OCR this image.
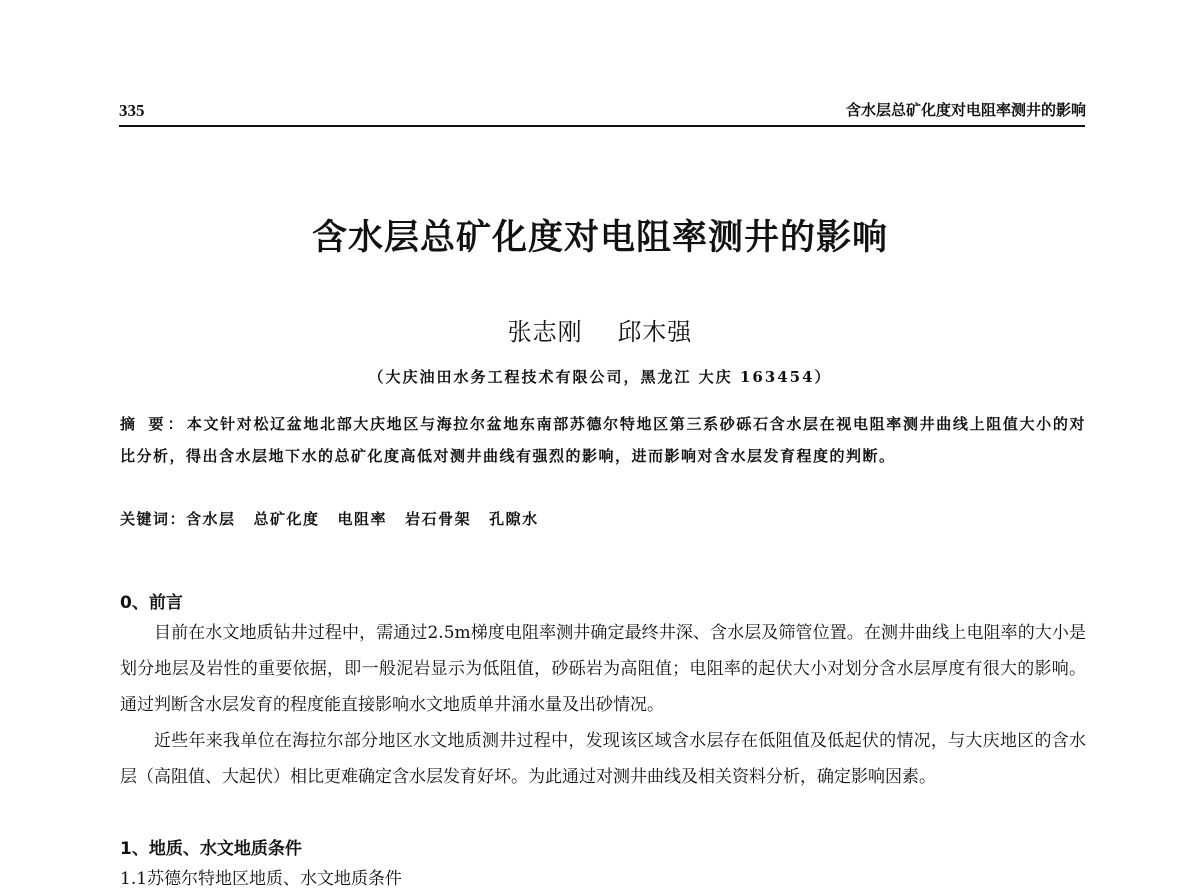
335	含水层总矿化度对电阻率测井的影响
含水层总矿化度对电阻率测井的影响
张志刚 邱木强
（大庆油田水务工程技术有限公司，黑龙江 大庆 163454）
摘 要：本文针对松辽盆地北部大庆地区与海拉尔盆地东南部苏德尔特地区第三系砂砾石含水层在视电阻率测井曲线上阻值大小的对比分析，得出含水层地下水的总矿化度高低对测井曲线有强烈的影响，进而影响对含水层发育程度的判断。
关键词：含水层 总矿化度 电阻率 岩石骨架 孔隙水
0、前言
目前在水文地质钻井过程中，需通过2.5m梯度电阻率测井确定最终井深、含水层及筛管位置。在测井曲线上电阻率的大小是划分地层及岩性的重要依据，即一般泥岩显示为低阻值，砂砾岩为高阻值；电阻率的起伏大小对划分含水层厚度有很大的影响。通过判断含水层发育的程度能直接影响水文地质单井涌水量及出砂情况。
近些年来我单位在海拉尔部分地区水文地质测井过程中，发现该区域含水层存在低阻值及低起伏的情况，与大庆地区的含水层（高阻值、大起伏）相比更难确定含水层发育好坏。为此通过对测井曲线及相关资料分析，确定影响因素。
1、地质、水文地质条件
1.1苏德尔特地区地质、水文地质条件
